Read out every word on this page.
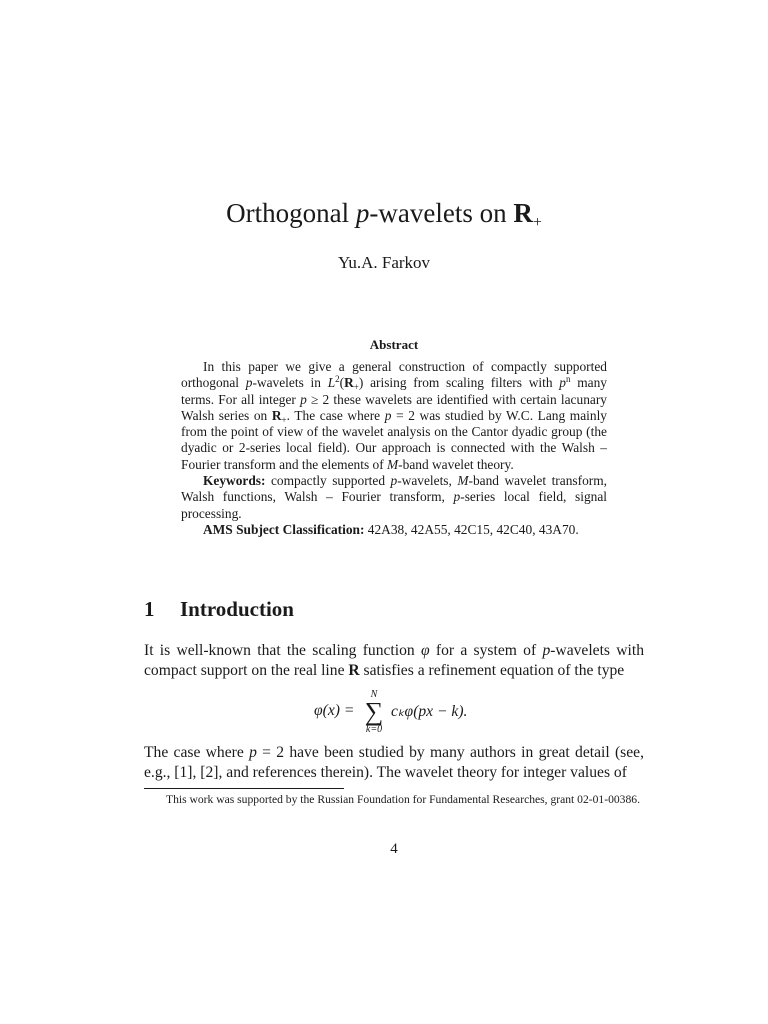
Orthogonal p-wavelets on $R_+$
Yu.A. Farkov
Abstract

In this paper we give a general construction of compactly supported orthogonal p-wavelets in $L^2(R_+)$ arising from scaling filters with $p^n$ many terms. For all integer p ≥ 2 these wavelets are identified with certain lacunary Walsh series on $R_+$. The case where p = 2 was studied by W.C. Lang mainly from the point of view of the wavelet analysis on the Cantor dyadic group (the dyadic or 2-series local field). Our approach is connected with the Walsh – Fourier transform and the elements of M-band wavelet theory.

Keywords: compactly supported p-wavelets, M-band wavelet transform, Walsh functions, Walsh – Fourier transform, p-series local field, signal processing.

AMS Subject Classification: 42A38, 42A55, 42C15, 42C40, 43A70.

1 Introduction

It is well-known that the scaling function φ for a system of p-wavelets with compact support on the real line R satisfies a refinement equation of the type

φ(x) =
N
∑
k=0
cₖφ(px − k).

The case where p = 2 have been studied by many authors in great detail (see, e.g., [1], [2], and references therein). The wavelet theory for integer values of

This work was supported by the Russian Foundation for Fundamental Researches, grant 02-01-00386.

4
